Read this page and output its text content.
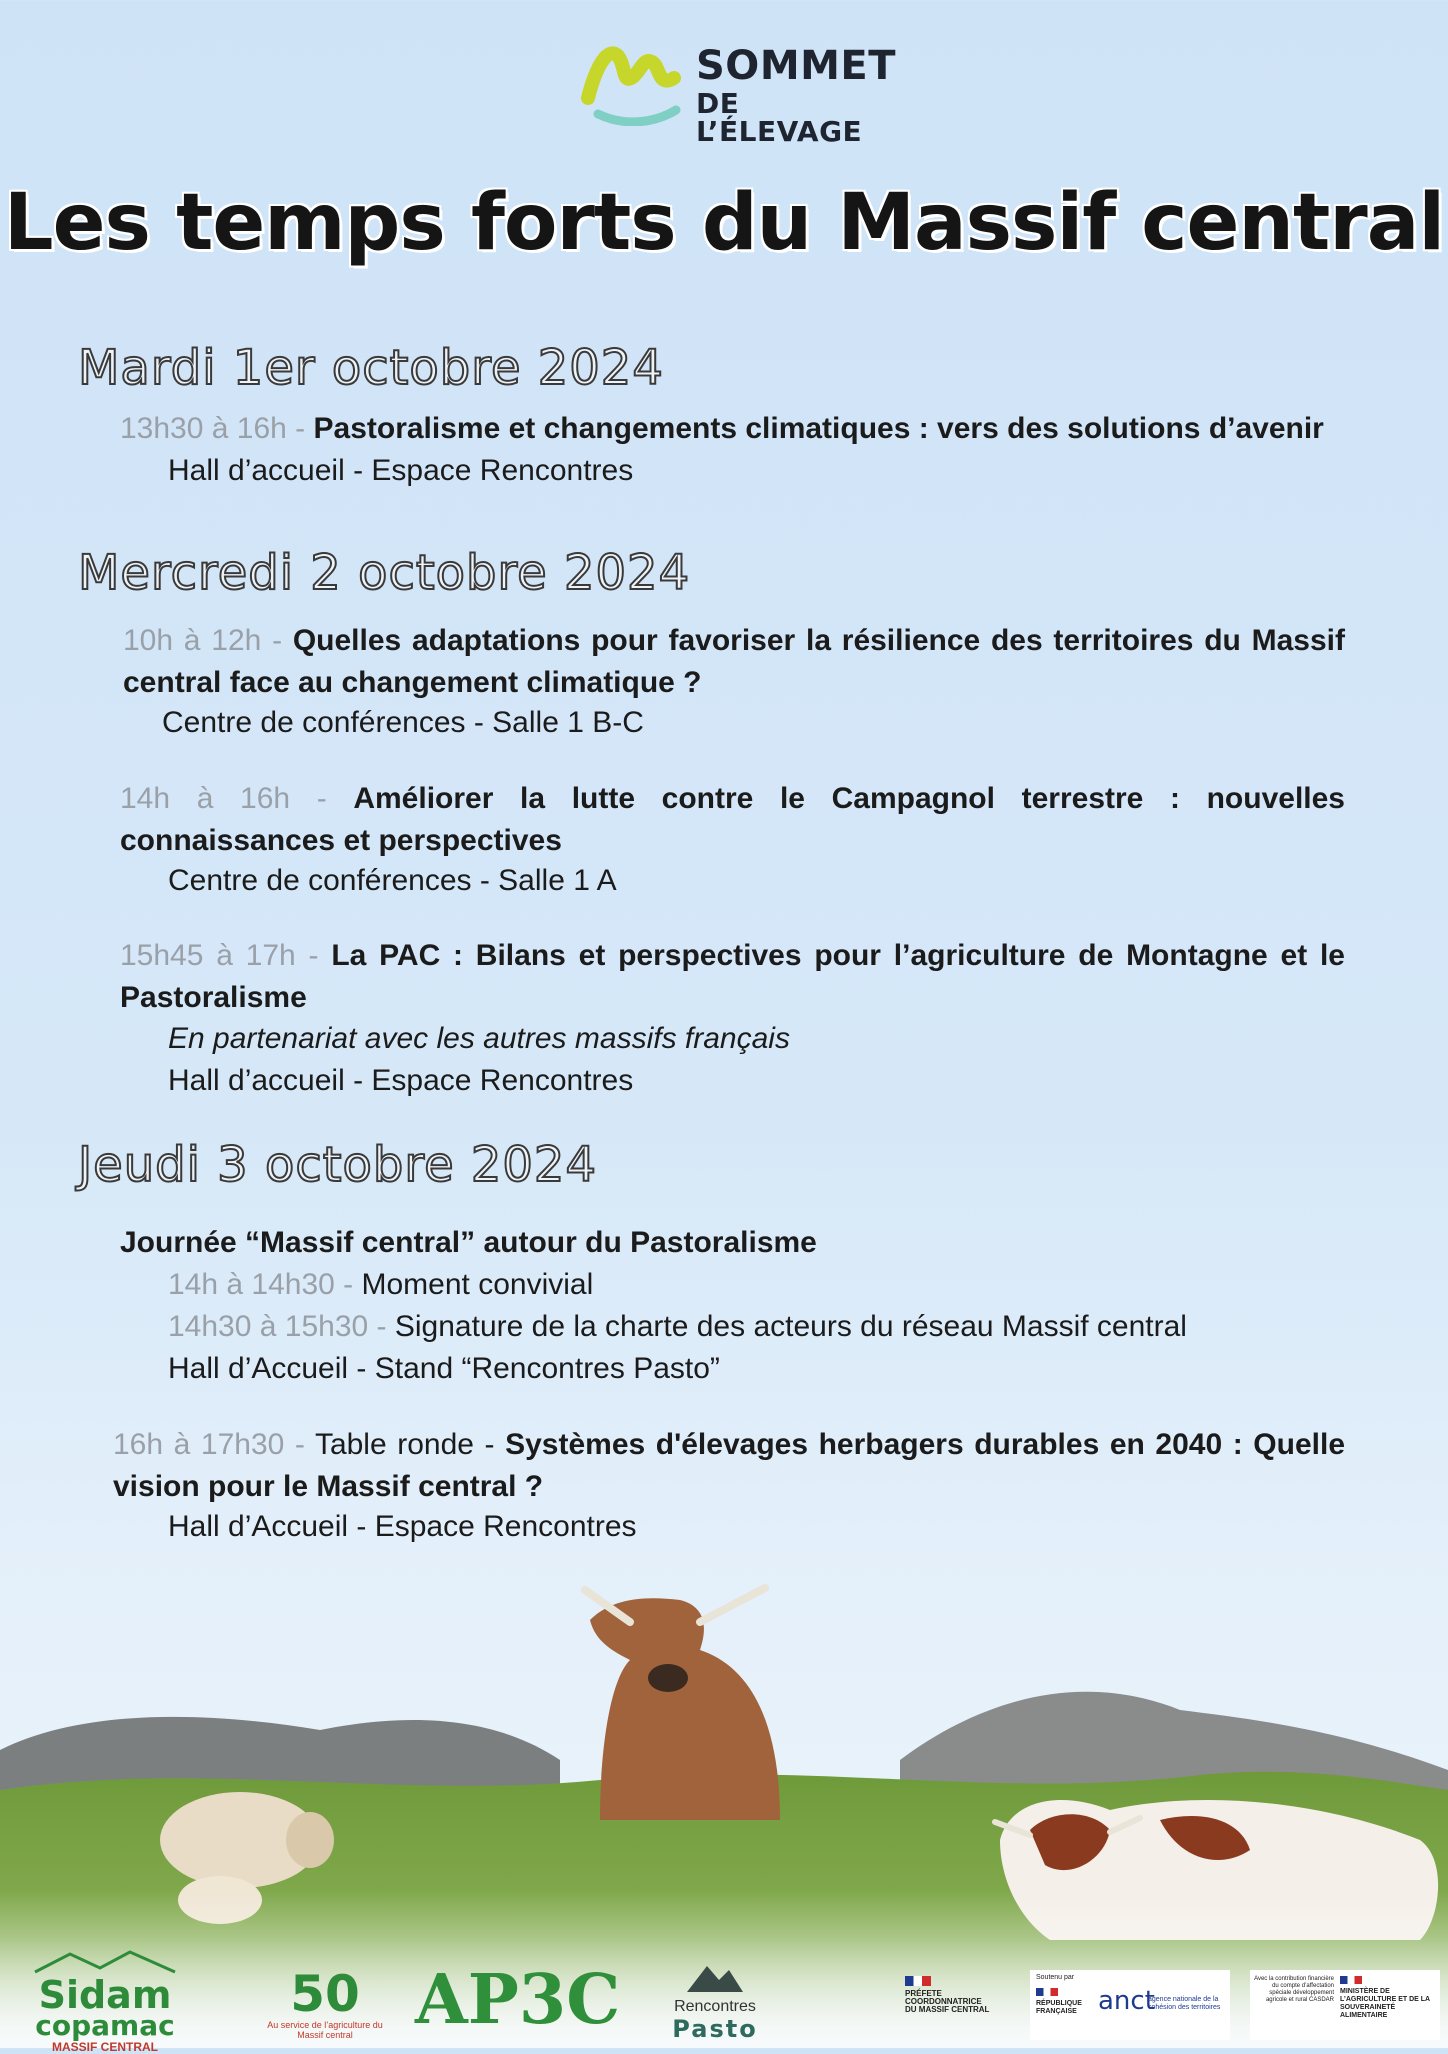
SOMMET
DE L’ÉLEVAGE
Les temps forts du Massif central
Mardi 1er octobre 2024
13h30 à 16h - Pastoralisme et changements climatiques : vers des solutions d’avenir
Hall d’accueil - Espace Rencontres
Mercredi 2 octobre 2024
10h à 12h - Quelles adaptations pour favoriser la résilience des territoires du Massif central face au changement climatique ?
Centre de conférences - Salle 1 B-C
14h à 16h - Améliorer la lutte contre le Campagnol terrestre : nouvelles connaissances et perspectives
Centre de conférences - Salle 1 A
15h45 à 17h - La PAC : Bilans et perspectives pour l’agriculture de Montagne et le Pastoralisme
En partenariat avec les autres massifs français
Hall d’accueil - Espace Rencontres
Jeudi 3 octobre 2024
Journée “Massif central” autour du Pastoralisme
14h à 14h30 - Moment convivial
14h30 à 15h30 - Signature de la charte des acteurs du réseau Massif central
Hall d’Accueil - Stand “Rencontres Pasto”
16h à 17h30 - Table ronde - Systèmes d'élevages herbagers durables en 2040 : Quelle vision pour le Massif central ?
Hall d’Accueil - Espace Rencontres
Sidam
copamac
MASSIF CENTRAL
50
Au service de l’agriculture du Massif central AP3C	Rencontres
Pasto
PRÉFETE
COORDONNATRICE
DU MASSIF CENTRAL
Soutenu par
RÉPUBLIQUE FRANÇAISE anct
agence nationale de la cohésion des territoires
Avec la contribution financière du compte d’affectation spéciale développement agricole et rural CASDAR
MINISTÈRE DE L’AGRICULTURE ET DE LA SOUVERAINETÉ ALIMENTAIRE
